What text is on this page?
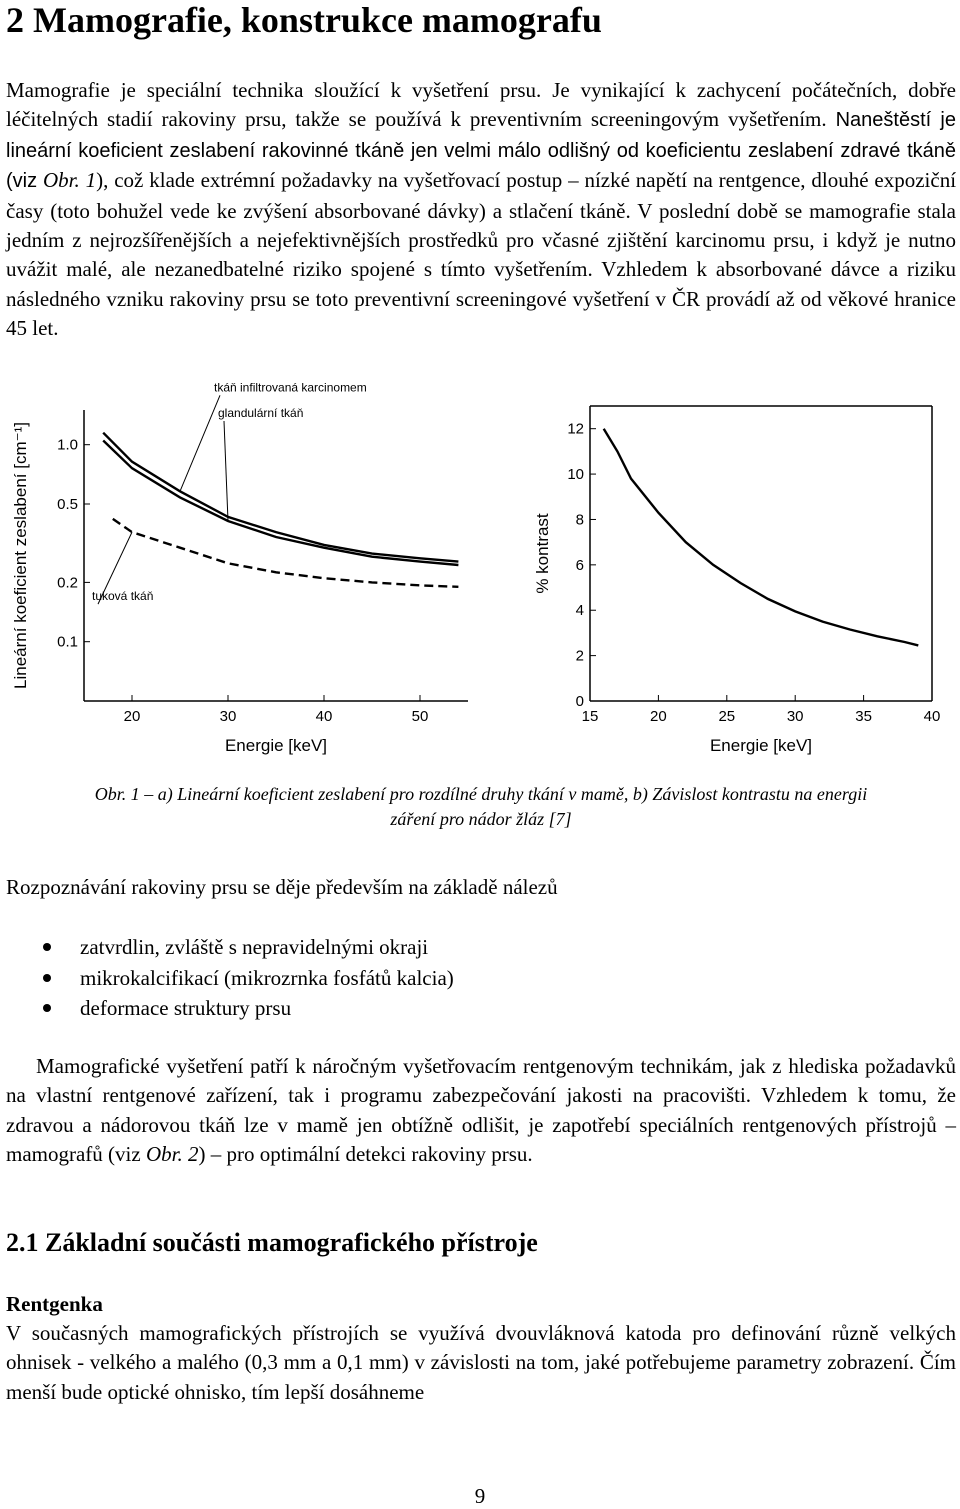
2 Mamografie, konstrukce mamografu

Mamografie je speciální technika sloužící k vyšetření prsu. Je vynikající k zachycení počátečních, dobře léčitelných stadií rakoviny prsu, takže se používá k preventivním screeningovým vyšetřením. Naneštěstí je lineární koeficient zeslabení rakovinné tkáně jen velmi málo odlišný od koeficientu zeslabení zdravé tkáně (viz Obr. 1), což klade extrémní požadavky na vyšetřovací postup – nízké napětí na rentgence, dlouhé expoziční časy (toto bohužel vede ke zvýšení absorbované dávky) a stlačení tkáně. V poslední době se mamografie stala jedním z nejrozšířenějších a nejefektivnějších prostředků pro včasné zjištění karcinomu prsu, i když je nutno uvážit malé, ale nezanedbatelné riziko spojené s tímto vyšetřením. Vzhledem k absorbované dávce a riziku následného vzniku rakoviny prsu se toto preventivní screeningové vyšetření v ČR provádí až od věkové hranice 45 let.

20	30	40	50
1.0
0.5
0.2
0.1
Energie [keV]
Lineární koeficient zeslabení [cm⁻¹]
tkáň infiltrovaná karcinomem
glandulární tkáň
tuková tkáň
15	20	25	30	35	40
0
2
4
6
8
10
12
Energie [keV]
% kontrast

Obr. 1 – a) Lineární koeficient zeslabení pro rozdílné druhy tkání v mamě, b) Závislost kontrastu na energii
záření pro nádor žláz [7]

Rozpoznávání rakoviny prsu se děje především na základě nálezů

zatvrdlin, zvláště s nepravidelnými okraji
mikrokalcifikací (mikrozrnka fosfátů kalcia)
deformace struktury prsu

Mamografické vyšetření patří k náročným vyšetřovacím rentgenovým technikám, jak z hlediska požadavků na vlastní rentgenové zařízení, tak i programu zabezpečování jakosti na pracovišti. Vzhledem k tomu, že zdravou a nádorovou tkáň lze v mamě jen obtížně odlišit, je zapotřebí speciálních rentgenových přístrojů – mamografů (viz Obr. 2) – pro optimální detekci rakoviny prsu.

2.1 Základní součásti mamografického přístroje

Rentgenka

V současných mamografických přístrojích se využívá dvouvláknová katoda pro definování různě velkých ohnisek - velkého a malého (0,3 mm a 0,1 mm) v závislosti na tom, jaké potřebujeme parametry zobrazení. Čím menší bude optické ohnisko, tím lepší dosáhneme

9
